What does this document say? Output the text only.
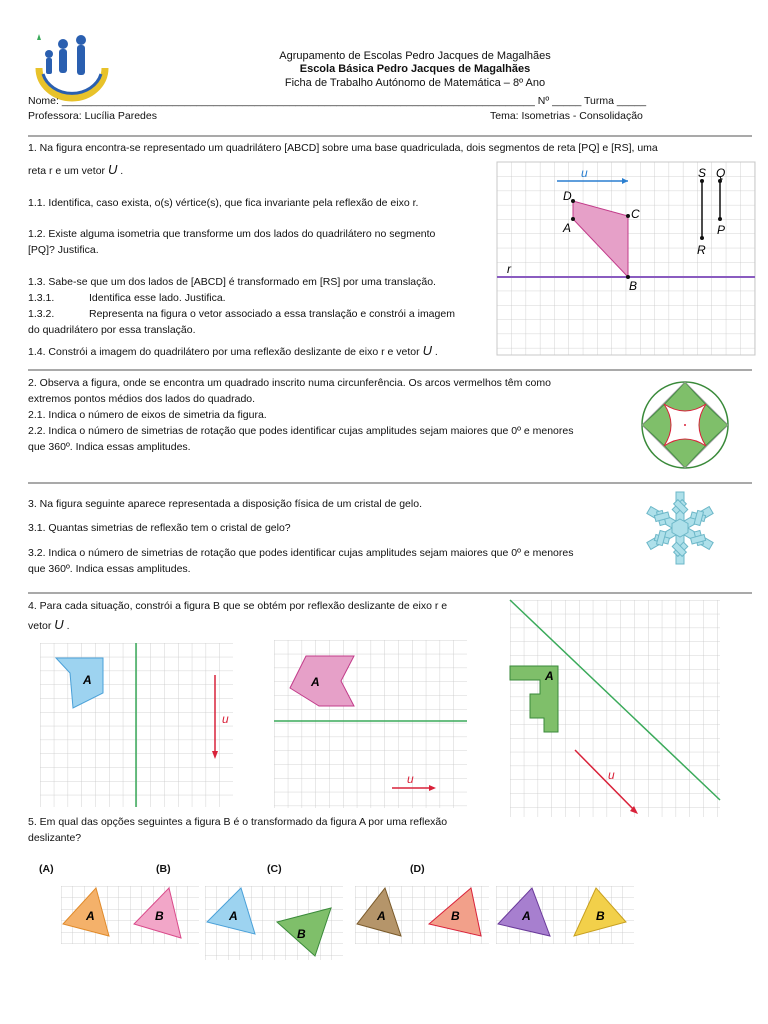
Agrupamento de Escolas Pedro Jacques de Magalhães
Escola Básica Pedro Jacques de Magalhães
Ficha de Trabalho Autónomo de Matemática – 8º Ano
Nome: _________________________________________________________________________________ Nº _____ Turma _____
Professora: Lucília Paredes	Tema: Isometrias - Consolidação
1. Na figura encontra-se representado um quadrilátero [ABCD] sobre uma base quadriculada, dois segmentos de reta [PQ] e [RS], uma
reta r e um vetor U .
1.1. Identifica, caso exista, o(s) vértice(s), que fica invariante pela reflexão de eixo r.
1.2. Existe alguma isometria que transforme um dos lados do quadrilátero no segmento
[PQ]? Justifica.
1.3. Sabe-se que um dos lados de [ABCD] é transformado em [RS] por uma translação.
1.3.1.	Identifica esse lado. Justifica.
1.3.2.	Representa na figura o vetor associado a essa translação e constrói a imagem
do quadrilátero por essa translação.
1.4. Constrói a imagem do quadrilátero por uma reflexão deslizante de eixo r e vetor U .
u
D
C
A
B
S Q
R
P
r
2. Observa a figura, onde se encontra um quadrado inscrito numa circunferência. Os arcos vermelhos têm como
extremos pontos médios dos lados do quadrado.
2.1. Indica o número de eixos de simetria da figura.
2.2. Indica o número de simetrias de rotação que podes identificar cujas amplitudes sejam maiores que 0º e menores
que 360º. Indica essas amplitudes.
3. Na figura seguinte aparece representada a disposição física de um cristal de gelo.
3.1. Quantas simetrias de reflexão tem o cristal de gelo?
3.2. Indica o número de simetrias de rotação que podes identificar cujas amplitudes sejam maiores que 0º e menores
que 360º. Indica essas amplitudes.
4. Para cada situação, constrói a figura B que se obtém por reflexão deslizante de eixo r e
vetor U .
A
u
A
u
A
u
5. Em qual das opções seguintes a figura B é o transformado da figura A por uma reflexão
deslizante?
(A)	(B)	(C)	(D)
A	B	A
B
A	B	A	B
